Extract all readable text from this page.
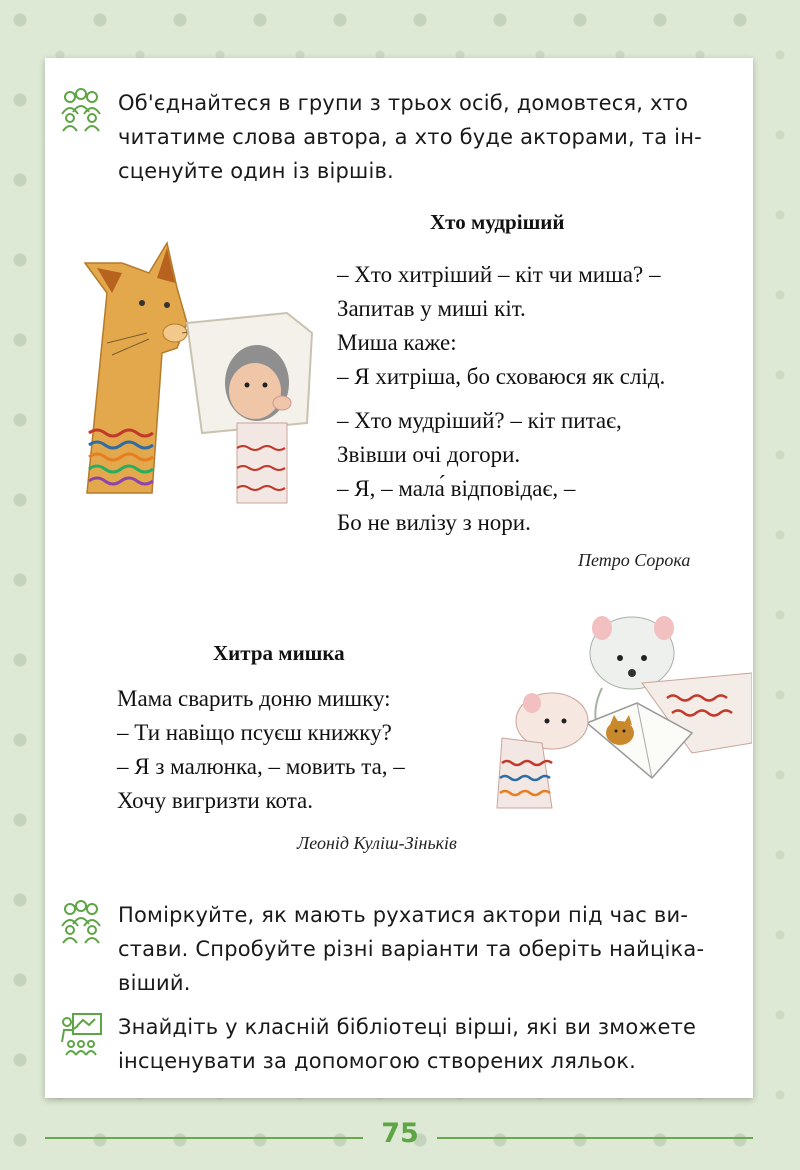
Об'єднайтеся в групи з трьох осіб, домовтеся, хто
читатиме слова автора, а хто буде акторами, та ін-
сценуйте один із віршів.
Хто мудріший
– Хто хитріший – кіт чи миша? –
Запитав у миші кіт.
Миша каже:
– Я хитріша, бо сховаюся як слід.
– Хто мудріший? – кіт питає,
Звівши очі догори.
– Я, – мала́ відповідає, –
Бо не вилізу з нори.
Петро Сорока
Хитра мишка
Мама сварить доню мишку:
– Ти навіщо псуєш книжку?
– Я з малюнка, – мовить та, –
Хочу вигризти кота.
Леонід Куліш-Зіньків
Поміркуйте, як мають рухатися актори під час ви-
стави. Спробуйте різні варіанти та оберіть найціка-
віший.
Знайдіть у класній бібліотеці вірші, які ви зможете
інсценувати за допомогою створених ляльок.
75
